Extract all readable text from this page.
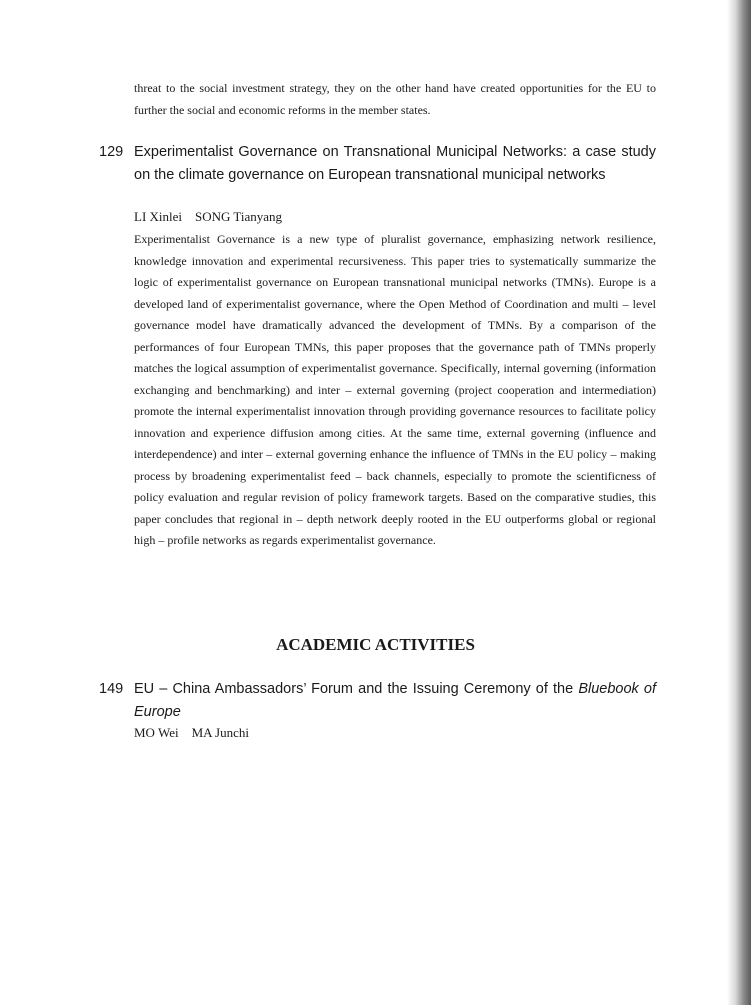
threat to the social investment strategy, they on the other hand have created opportunities for the EU to further the social and economic reforms in the member states.

129 Experimentalist Governance on Transnational Municipal Networks: a case study on the climate governance on European transnational municipal networks
LI Xinlei　SONG Tianyang

Experimentalist Governance is a new type of pluralist governance, emphasizing network resilience, knowledge innovation and experimental recursiveness. This paper tries to systematically summarize the logic of experimentalist governance on European transnational municipal networks (TMNs). Europe is a developed land of experimentalist governance, where the Open Method of Coordination and multi – level governance model have dramatically advanced the development of TMNs. By a comparison of the performances of four European TMNs, this paper proposes that the governance path of TMNs properly matches the logical assumption of experimentalist governance. Specifically, internal governing (information exchanging and benchmarking) and inter – external governing (project cooperation and intermediation) promote the internal experimentalist innovation through providing governance resources to facilitate policy innovation and experience diffusion among cities. At the same time, external governing (influence and interdependence) and inter – external governing enhance the influence of TMNs in the EU policy – making process by broadening experimentalist feed – back channels, especially to promote the scientificness of policy evaluation and regular revision of policy framework targets. Based on the comparative studies, this paper concludes that regional in – depth network deeply rooted in the EU outperforms global or regional high – profile networks as regards experimentalist governance.

ACADEMIC ACTIVITIES
149 EU – China Ambassadors’ Forum and the Issuing Ceremony of the Bluebook of Europe
MO Wei　MA Junchi
